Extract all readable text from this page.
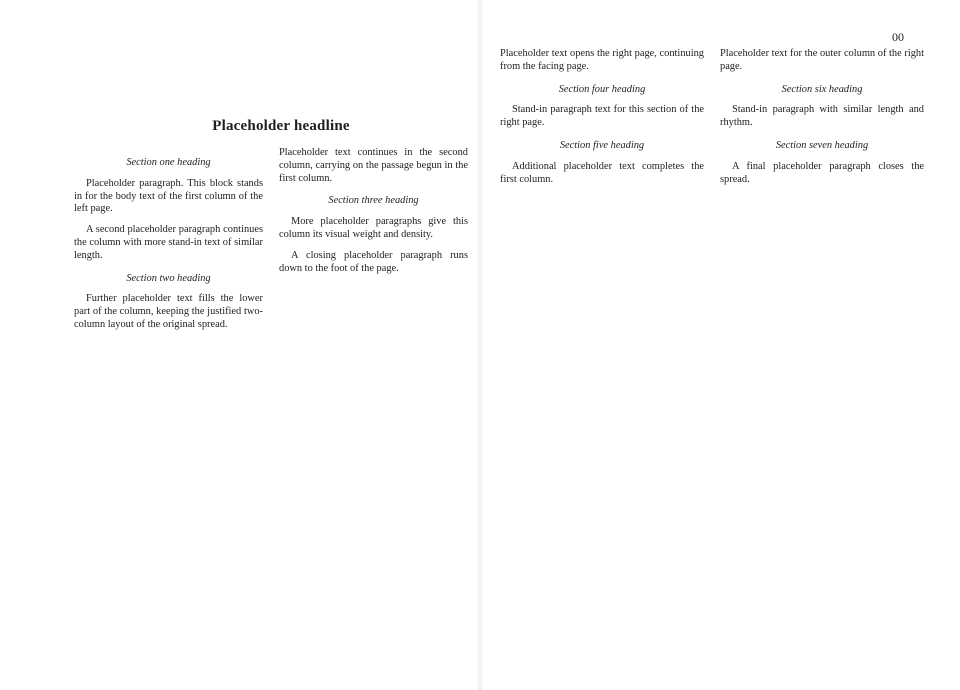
Placeholder headline
Section one heading

Placeholder paragraph. This block stands in for the body text of the first column of the left page.

A second placeholder paragraph continues the column with more stand-in text of similar length.

Section two heading

Further placeholder text fills the lower part of the column, keeping the justified two-column layout of the original spread.

Placeholder text continues in the second column, carrying on the passage begun in the first column.

Section three heading

More placeholder paragraphs give this column its visual weight and density.

A closing placeholder paragraph runs down to the foot of the page.

00

Placeholder text opens the right page, continuing from the facing page.

Section four heading

Stand-in paragraph text for this section of the right page.

Section five heading

Additional placeholder text completes the first column.

Placeholder text for the outer column of the right page.

Section six heading

Stand-in paragraph with similar length and rhythm.

Section seven heading

A final placeholder paragraph closes the spread.
